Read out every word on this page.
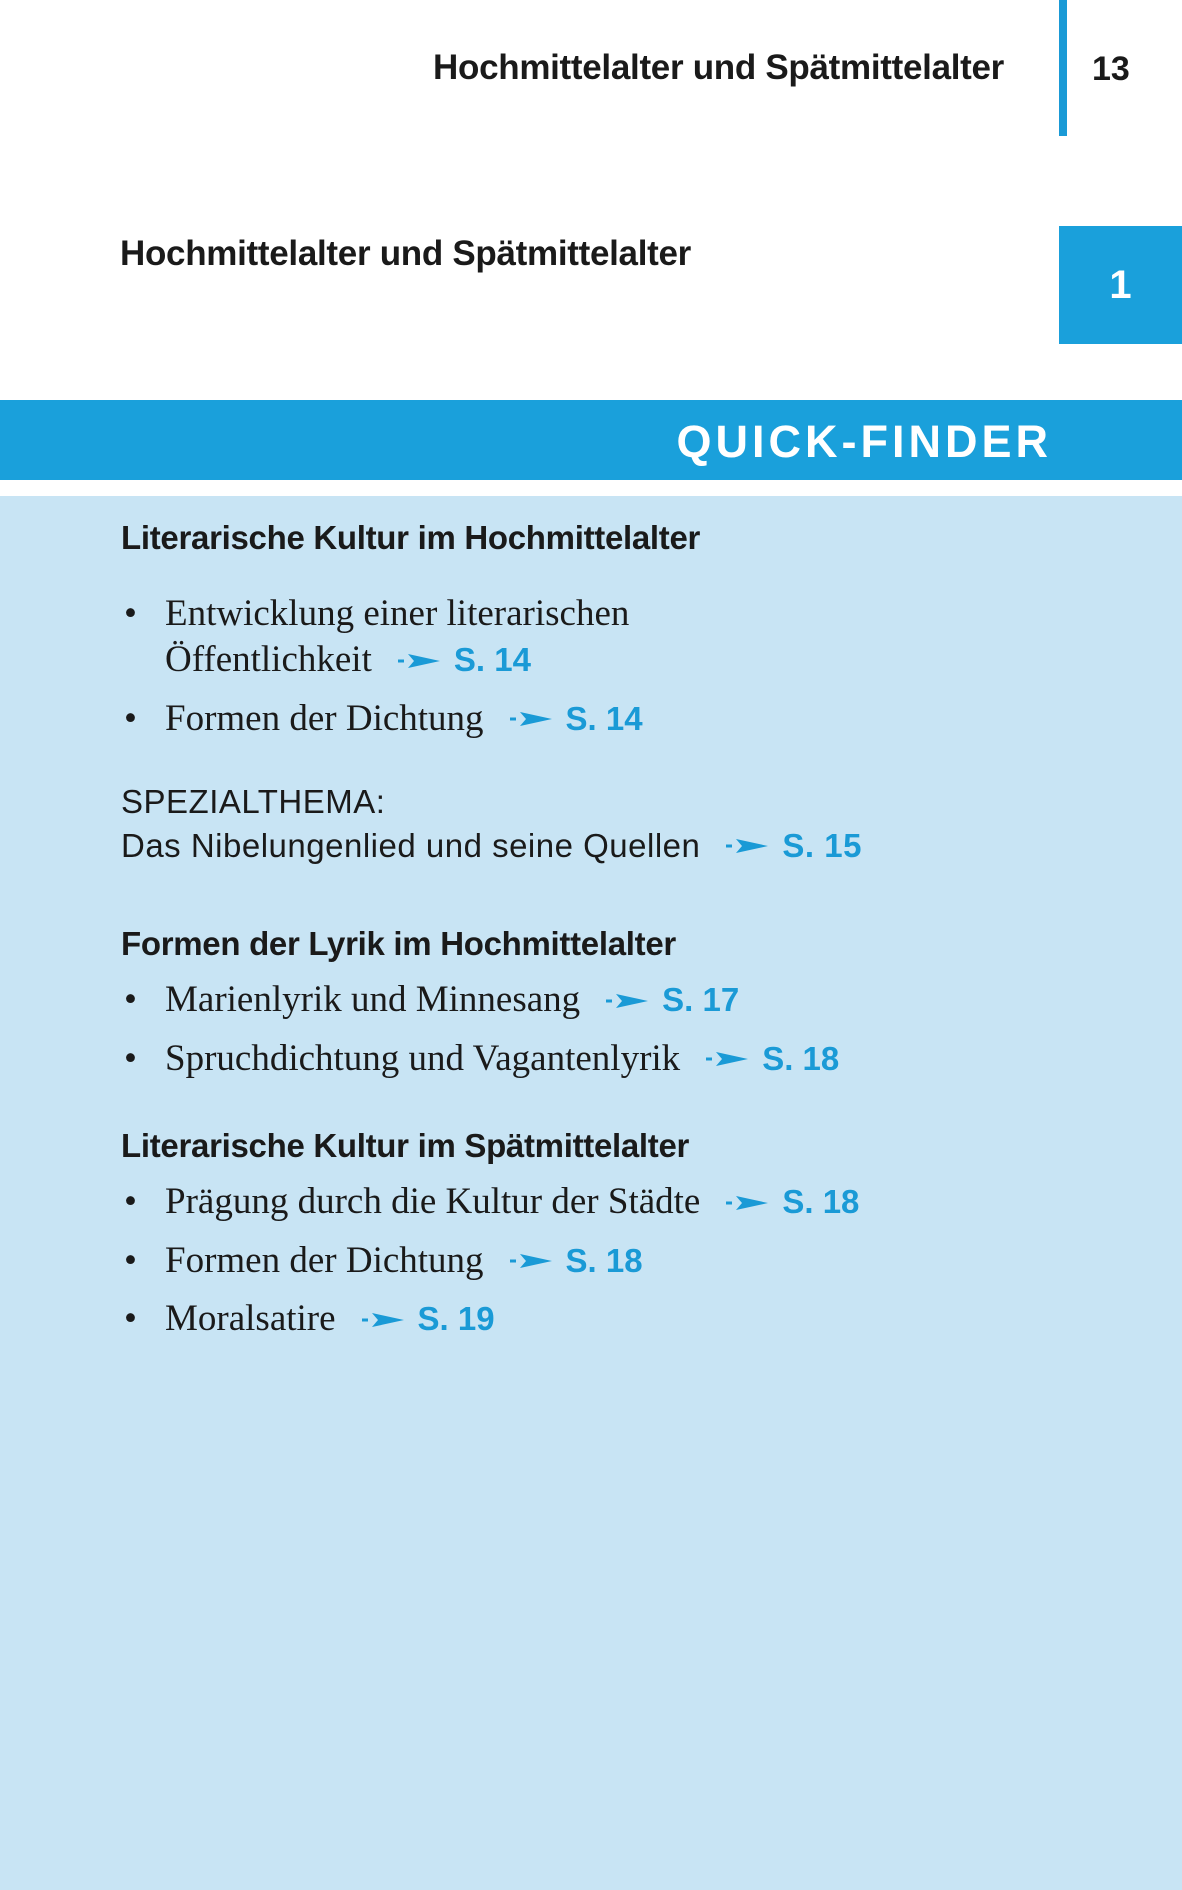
Hochmittelalter und Spätmittelalter	13
Hochmittelalter und Spätmittelalter
1
QUICK-FINDER
Literarische Kultur im Hochmittelalter
• Entwicklung einer literarischen
Öffentlichkeit S. 14
• Formen der Dichtung S. 14
SPEZIALTHEMA:
Das Nibelungenlied und seine Quellen S. 15
Formen der Lyrik im Hochmittelalter
• Marienlyrik und Minnesang S. 17
• Spruchdichtung und Vagantenlyrik S. 18
Literarische Kultur im Spätmittelalter
• Prägung durch die Kultur der Städte S. 18
• Formen der Dichtung S. 18
• Moralsatire S. 19
